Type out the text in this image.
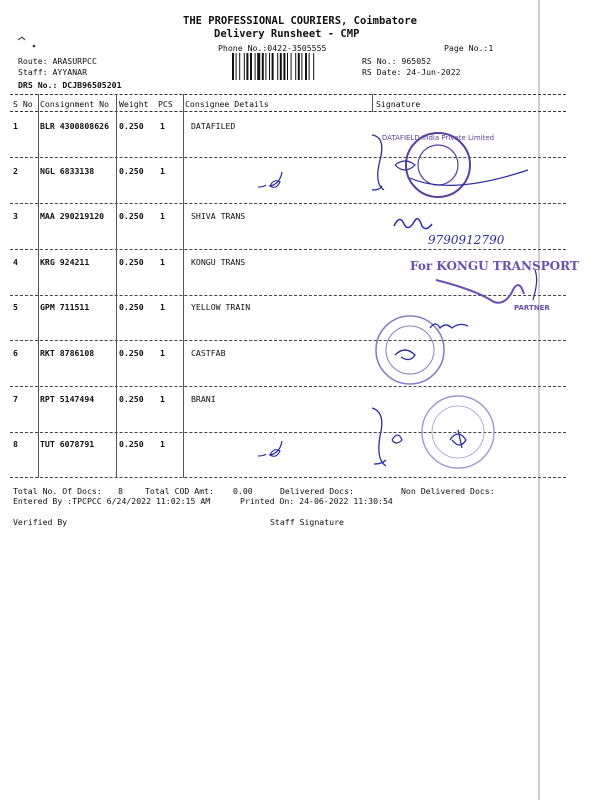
THE PROFESSIONAL COURIERS, Coimbatore
Delivery Runsheet - CMP
Phone No.:0422-3505555	Page No.:1
Route: ARASURPCC
Staff: AYYANAR
DRS No.: DCJB96505201
RS No.: 965052
RS Date: 24-Jun-2022
S No Consignment No Weight PCS Consignee Details	Signature
1	BLR 4300808626 0.250 1	DATAFILED
2	NGL 6833138	0.250 1
3	MAA 290219120 0.250 1	SHIVA TRANS
4	KRG 924211	0.250 1	KONGU TRANS
5	GPM 711511	0.250 1	YELLOW TRAIN
6	RKT 8786108	0.250 1	CASTFAB
7	RPT 5147494	0.250 1	BRANI
8	TUT 6078791	0.250 1
Total No. Of Docs: 8	Total COD Amt: 0.00	Delivered Docs:	Non Delivered Docs:
Entered By :TPCPCC 6/24/2022 11:02:15 AM	Printed On: 24-06-2022 11:30:54
Verified By	Staff Signature
DATAFIELD India Private Limited
9790912790
For KONGU TRANSPORT
PARTNER
